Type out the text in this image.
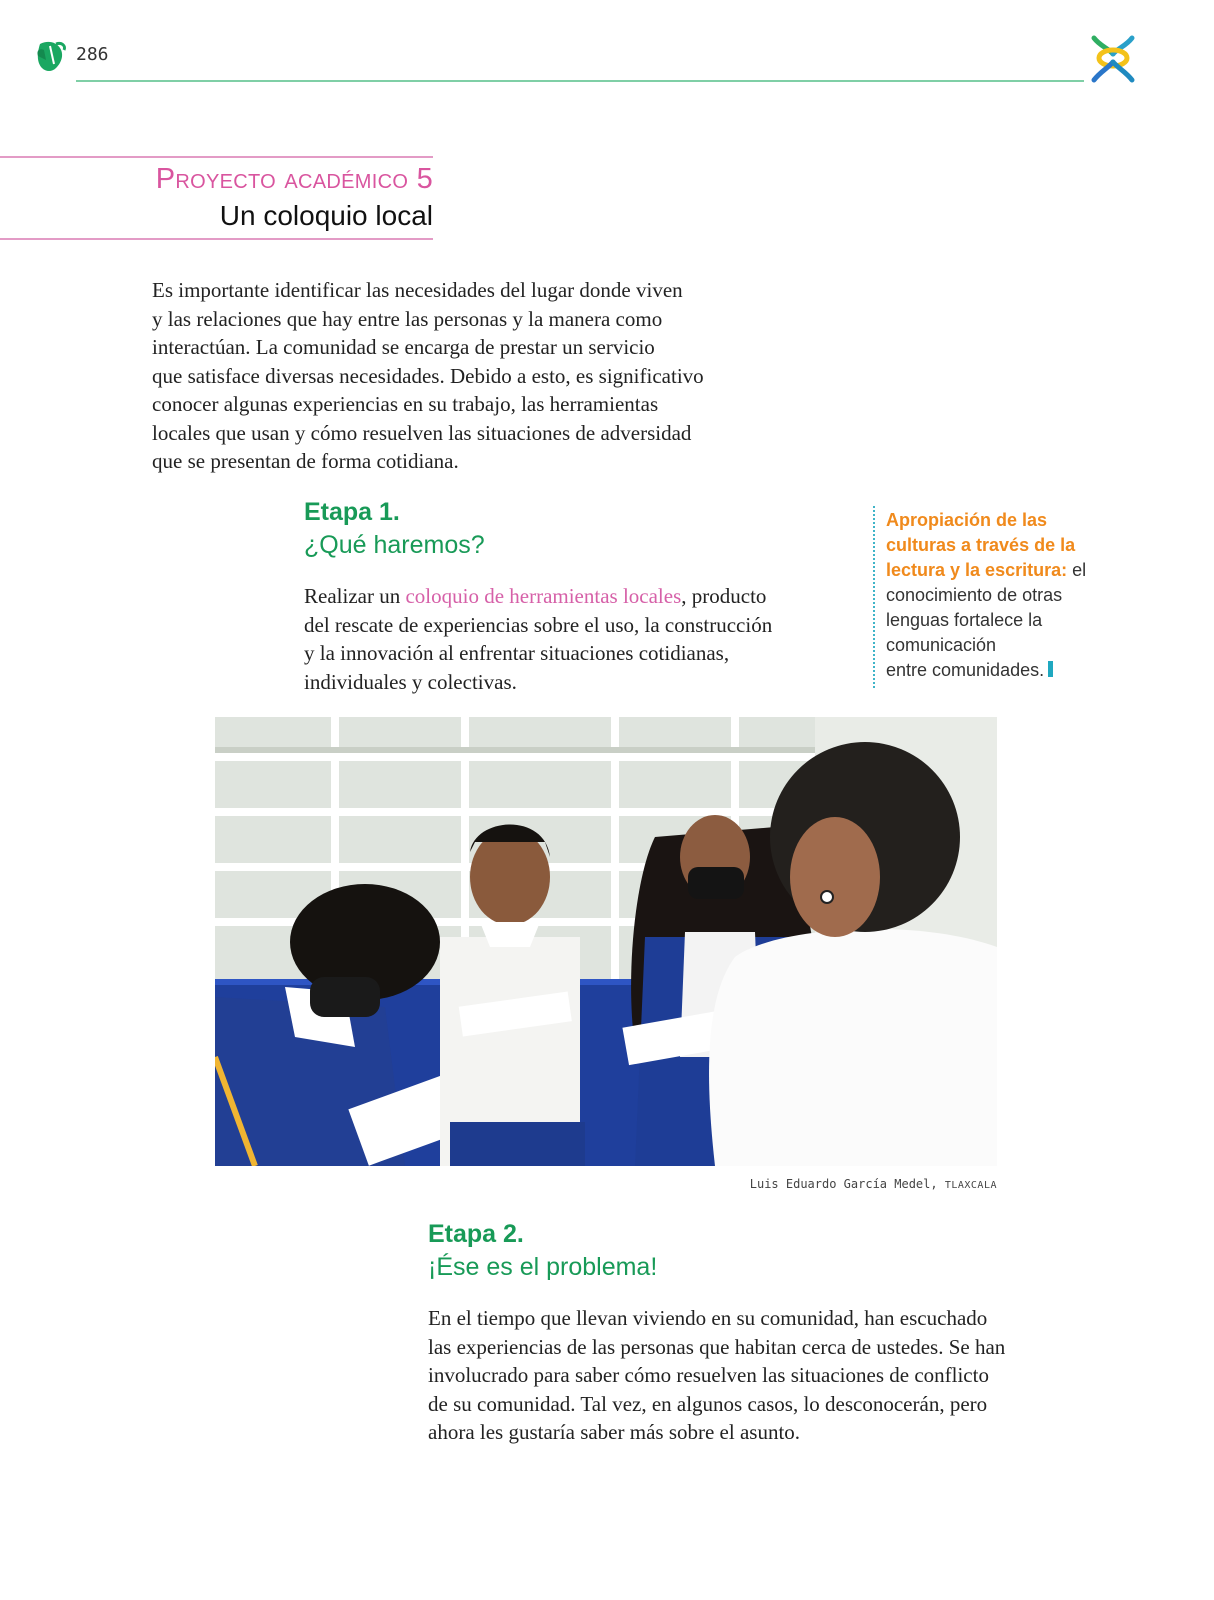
286
Proyecto académico 5
Un coloquio local
Es importante identificar las necesidades del lugar donde viven
y las relaciones que hay entre las personas y la manera como
interactúan. La comunidad se encarga de prestar un servicio
que satisface diversas necesidades. Debido a esto, es significativo
conocer algunas experiencias en su trabajo, las herramientas
locales que usan y cómo resuelven las situaciones de adversidad
que se presentan de forma cotidiana.
Etapa 1.
¿Qué haremos?
Realizar un coloquio de herramientas locales, producto
del rescate de experiencias sobre el uso, la construcción
y la innovación al enfrentar situaciones cotidianas,
individuales y colectivas.
Apropiación de las
culturas a través de la
lectura y la escritura: el
conocimiento de otras
lenguas fortalece la
comunicación
entre comunidades.
Luis Eduardo García Medel, TLAXCALA
Etapa 2.
¡Ése es el problema!
En el tiempo que llevan viviendo en su comunidad, han escuchado
las experiencias de las personas que habitan cerca de ustedes. Se han
involucrado para saber cómo resuelven las situaciones de conflicto
de su comunidad. Tal vez, en algunos casos, lo desconocerán, pero
ahora les gustaría saber más sobre el asunto.
